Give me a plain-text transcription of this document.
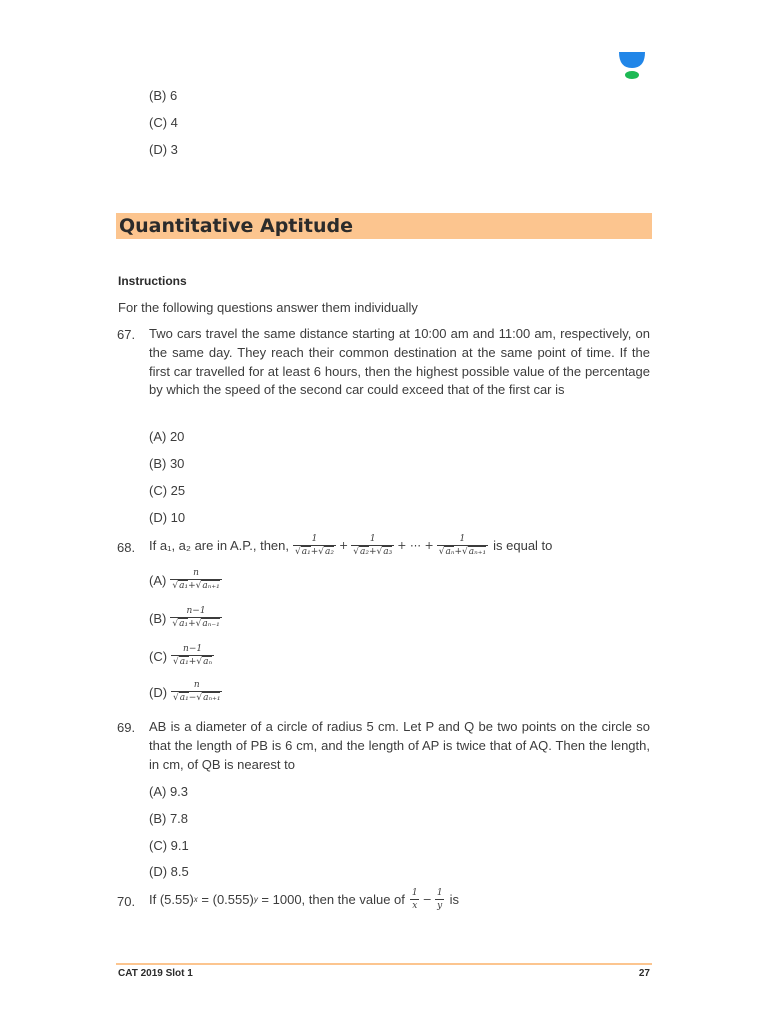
(B) 6
(C) 4
(D) 3
Quantitative Aptitude
Instructions
For the following questions answer them individually
67. Two cars travel the same distance starting at 10:00 am and 11:00 am, respectively, on the same day. They reach their common destination at the same point of time. If the first car travelled for at least 6 hours, then the highest possible value of the percentage by which the speed of the second car could exceed that of the first car is
(A) 20
(B) 30
(C) 25
(D) 10
68. If a₁, a₂ are in A.P., then, $\frac{1}{\text{√a₁+√a₂}} + \frac{1}{\text{√a₂+√a₃}}$ + ⋯ + $\frac{1}{\text{√aₙ+√aₙ₊₁}}$ is equal to
$(A) \frac{n}{\text{√a₁+√aₙ₊₁}}$
$(B) \frac{n-1}{\text{√a₁+√aₙ₋₁}}$
$(C) \frac{n-1}{\text{√a₁+√aₙ}}$
$(D) \frac{n}{\text{√a₁−√aₙ₊₁}}$
69. AB is a diameter of a circle of radius 5 cm. Let P and Q be two points on the circle so that the length of PB is 6 cm, and the length of AP is twice that of AQ. Then the length, in cm, of QB is nearest to
(A) 9.3
(B) 7.8
(C) 9.1
(D) 8.5
70. If (5.55) x = (0.555) y = 1000, then the value of $\frac{1}{x} - \frac{1}{y}$ is
CAT 2019 Slot 1	27
